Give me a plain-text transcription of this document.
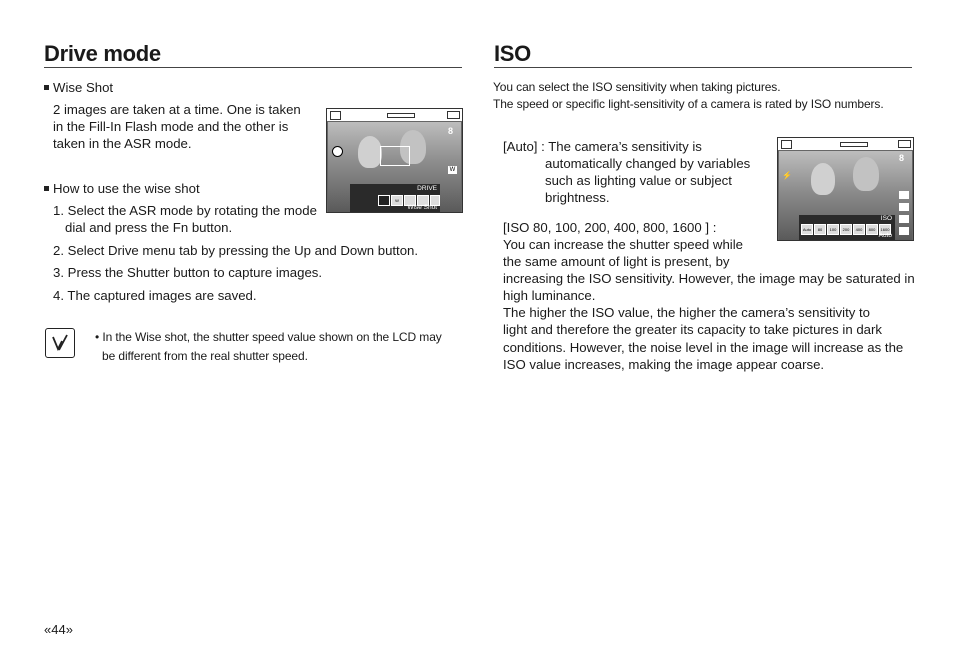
Drive mode
Wise Shot
2 images are taken at a time. One is taken
in the Fill-In Flash mode and the other is
taken in the ASR mode.
How to use the wise shot
1. Select the ASR mode by rotating the mode
dial and press the Fn button.
2. Select Drive menu tab by pressing the Up and Down button.
3. Press the Shutter button to capture images.
4. The captured images are saved.
• In the Wise shot, the shutter speed value shown on the LCD may
be different from the real shutter speed.
8
W
DRIVE
W
Wise Shot
ISO
You can select the ISO sensitivity when taking pictures.
The speed or specific light-sensitivity of a camera is rated by ISO numbers.
[Auto] : The camera’s sensitivity is
automatically changed by variables
such as lighting value or subject
brightness.
[ISO 80, 100, 200, 400, 800, 1600 ] :
You can increase the shutter speed while
the same amount of light is present, by
increasing the ISO sensitivity. However, the image may be saturated in
high luminance.
The higher the ISO value, the higher the camera’s sensitivity to
light and therefore the greater its capacity to take pictures in dark
conditions. However, the noise level in the image will increase as the
ISO value increases, making the image appear coarse.
⚡
8
ISO
Auto	80	100	200	400	800	1600
Auto
«44»
